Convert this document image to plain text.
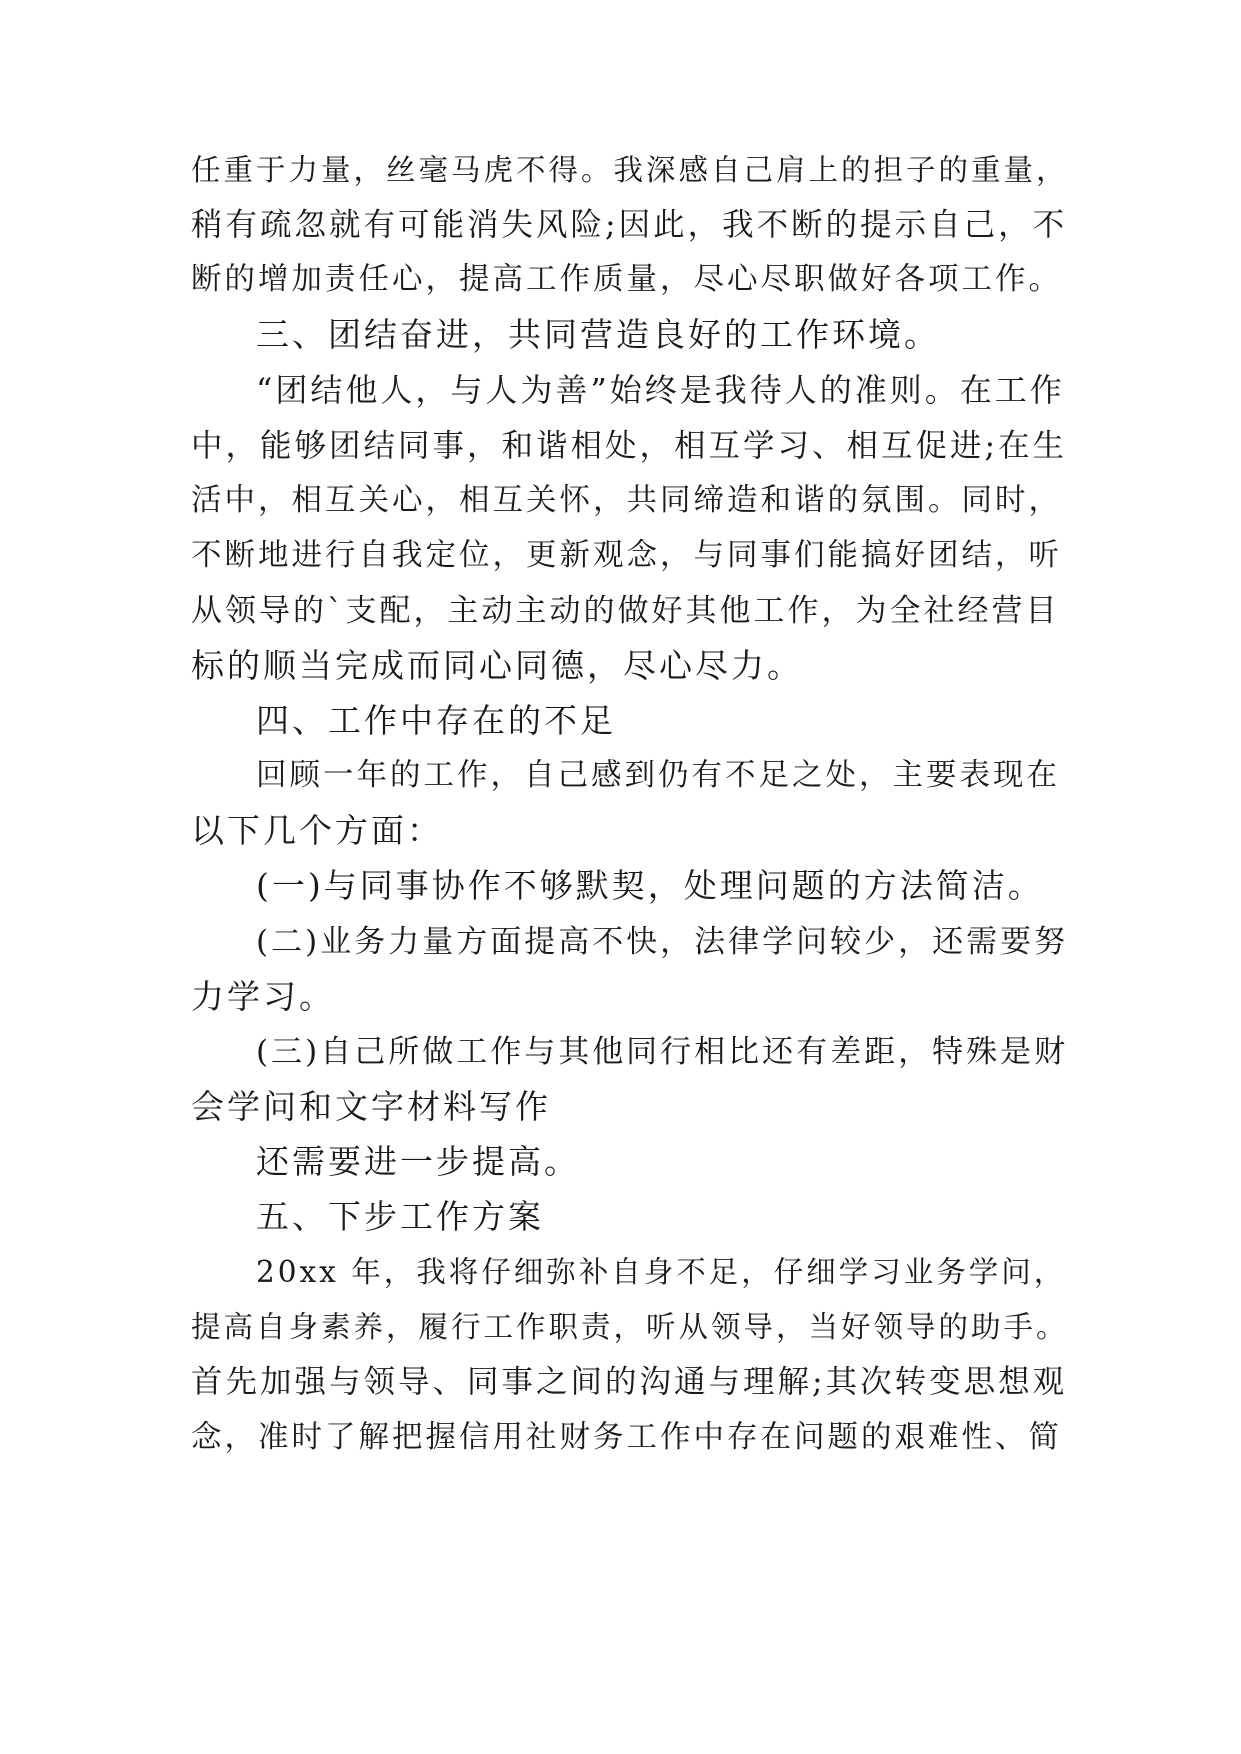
任重于力量，丝毫马虎不得。我深感自己肩上的担子的重量，
稍有疏忽就有可能消失风险;因此，我不断的提示自己，不
断的增加责任心，提高工作质量，尽心尽职做好各项工作。
三、团结奋进，共同营造良好的工作环境。
“团结他人，与人为善”始终是我待人的准则。在工作
中，能够团结同事，和谐相处，相互学习、相互促进;在生
活中，相互关心，相互关怀，共同缔造和谐的氛围。同时，
不断地进行自我定位，更新观念，与同事们能搞好团结，听
从领导的`支配，主动主动的做好其他工作，为全社经营目
标的顺当完成而同心同德，尽心尽力。
四、工作中存在的不足
回顾一年的工作，自己感到仍有不足之处，主要表现在
以下几个方面：
(一)与同事协作不够默契，处理问题的方法简洁。
(二)业务力量方面提高不快，法律学问较少，还需要努
力学习。
(三)自己所做工作与其他同行相比还有差距，特殊是财
会学问和文字材料写作
还需要进一步提高。
五、下步工作方案
20xx 年，我将仔细弥补自身不足，仔细学习业务学问，
提高自身素养，履行工作职责，听从领导，当好领导的助手。
首先加强与领导、同事之间的沟通与理解;其次转变思想观
念，准时了解把握信用社财务工作中存在问题的艰难性、简
